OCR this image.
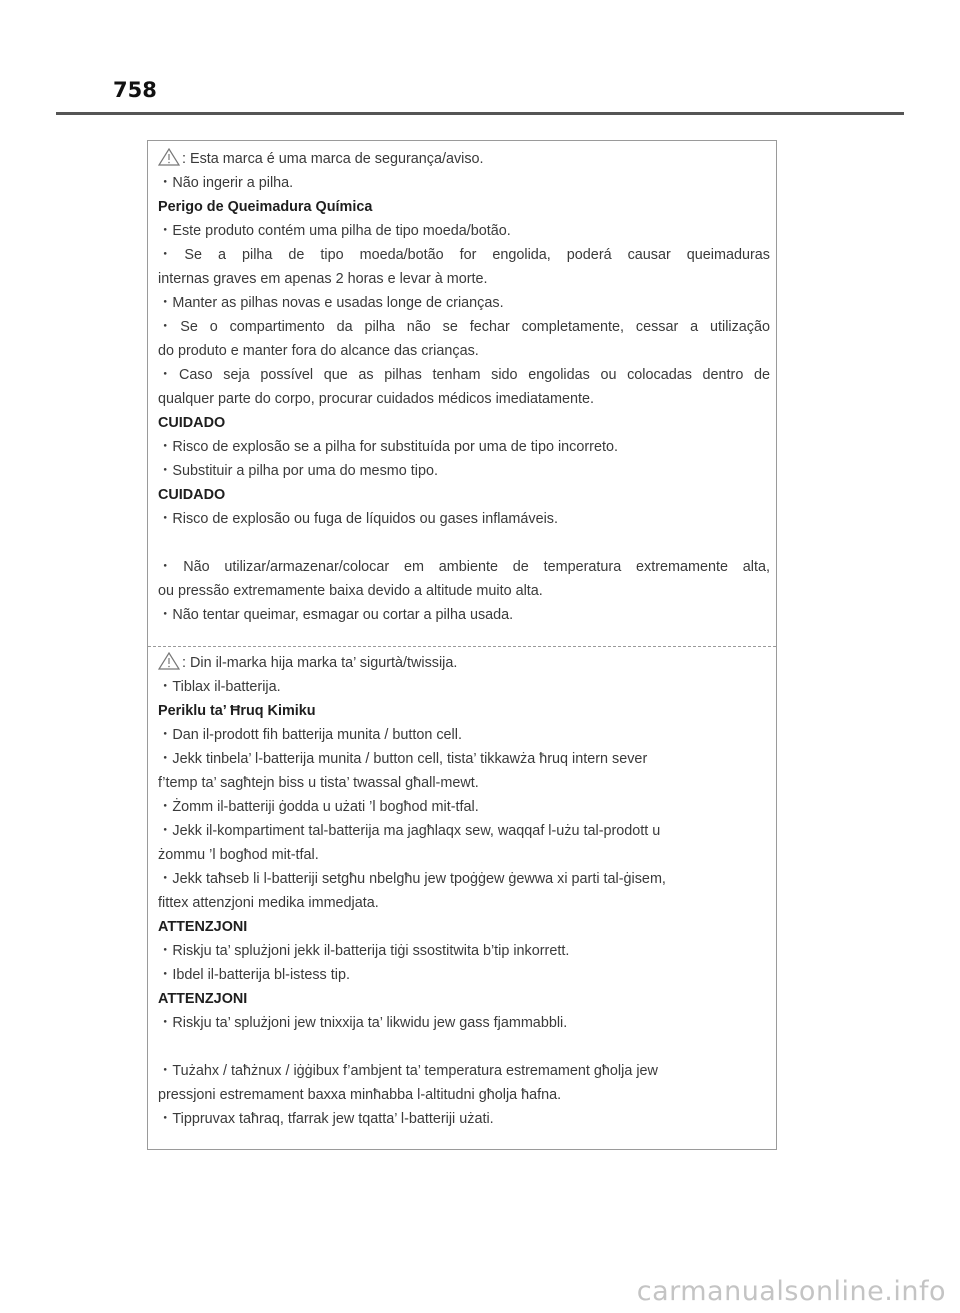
758
: Esta marca é uma marca de segurança/aviso.
・Não ingerir a pilha.
Perigo de Queimadura Química
・Este produto contém uma pilha de tipo moeda/botão.
・Se a pilha de tipo moeda/botão for engolida, poderá causar queimaduras
internas graves em apenas 2 horas e levar à morte.
・Manter as pilhas novas e usadas longe de crianças.
・Se o compartimento da pilha não se fechar completamente, cessar a utilização
do produto e manter fora do alcance das crianças.
・Caso seja possível que as pilhas tenham sido engolidas ou colocadas dentro de
qualquer parte do corpo, procurar cuidados médicos imediatamente.
CUIDADO
・Risco de explosão se a pilha for substituída por uma de tipo incorreto.
・Substituir a pilha por uma do mesmo tipo.
CUIDADO
・Risco de explosão ou fuga de líquidos ou gases inflamáveis.
・Não utilizar/armazenar/colocar em ambiente de temperatura extremamente alta,
ou pressão extremamente baixa devido a altitude muito alta.
・Não tentar queimar, esmagar ou cortar a pilha usada.
: Din il-marka hija marka ta’ sigurtà/twissija.
・Tiblax il-batterija.
Periklu ta’ Ħruq Kimiku
・Dan il-prodott fih batterija munita / button cell.
・Jekk tinbela’ l-batterija munita / button cell, tista’ tikkawża ħruq intern sever
f’temp ta’ sagħtejn biss u tista’ twassal għall-mewt.
・Żomm il-batteriji ġodda u użati ’l bogħod mit-tfal.
・Jekk il-kompartiment tal-batterija ma jagħlaqx sew, waqqaf l-użu tal-prodott u
żommu ’l bogħod mit-tfal.
・Jekk taħseb li l-batteriji setgħu nbelgħu jew tpoġġew ġewwa xi parti tal-ġisem,
fittex attenzjoni medika immedjata.
ATTENZJONI
・Riskju ta’ splużjoni jekk il-batterija tiġi ssostitwita b’tip inkorrett.
・Ibdel il-batterija bl-istess tip.
ATTENZJONI
・Riskju ta’ splużjoni jew tnixxija ta’ likwidu jew gass fjammabbli.
・Tużahx / taħżnux / iġġibux f’ambjent ta’ temperatura estremament għolja jew
pressjoni estremament baxxa minħabba l-altitudni għolja ħafna.
・Tippruvax taħraq, tfarrak jew tqatta’ l-batteriji użati.
carmanualsonline.info
